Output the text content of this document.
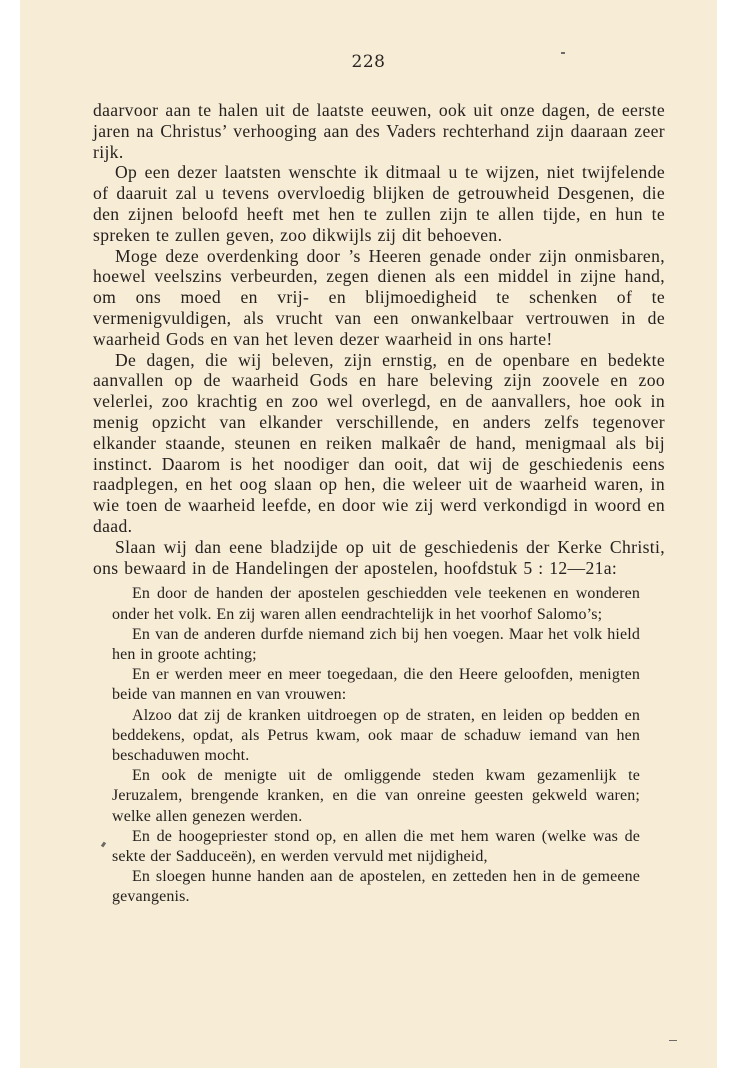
228

daarvoor aan te halen uit de laatste eeuwen, ook uit onze dagen, de eerste jaren na Christus’ verhooging aan des Vaders rechterhand zijn daaraan zeer rijk.

Op een dezer laatsten wenschte ik ditmaal u te wijzen, niet twijfelende of daaruit zal u tevens overvloedig blijken de getrouwheid Desgenen, die den zijnen beloofd heeft met hen te zullen zijn te allen tijde, en hun te spreken te zullen geven, zoo dikwijls zij dit behoeven.

Moge deze overdenking door ’s Heeren genade onder zijn onmisbaren, hoewel veelszins verbeurden, zegen dienen als een middel in zijne hand, om ons moed en vrij- en blijmoedigheid te schenken of te vermenigvuldigen, als vrucht van een onwankelbaar vertrouwen in de waarheid Gods en van het leven dezer waarheid in ons harte!

De dagen, die wij beleven, zijn ernstig, en de openbare en bedekte aanvallen op de waarheid Gods en hare beleving zijn zoovele en zoo velerlei, zoo krachtig en zoo wel overlegd, en de aanvallers, hoe ook in menig opzicht van elkander verschillende, en anders zelfs tegenover elkander staande, steunen en reiken malkaêr de hand, menigmaal als bij instinct. Daarom is het noodiger dan ooit, dat wij de geschiedenis eens raadplegen, en het oog slaan op hen, die weleer uit de waarheid waren, in wie toen de waarheid leefde, en door wie zij werd verkondigd in woord en daad.

Slaan wij dan eene bladzijde op uit de geschiedenis der Kerke Christi, ons bewaard in de Handelingen der apostelen, hoofdstuk 5 : 12—21a:

En door de handen der apostelen geschiedden vele teekenen en wonderen onder het volk. En zij waren allen eendrachtelijk in het voorhof Salomo’s;

En van de anderen durfde niemand zich bij hen voegen. Maar het volk hield hen in groote achting;

En er werden meer en meer toegedaan, die den Heere geloofden, menigten beide van mannen en van vrouwen:

Alzoo dat zij de kranken uitdroegen op de straten, en leiden op bedden en beddekens, opdat, als Petrus kwam, ook maar de schaduw iemand van hen beschaduwen mocht.

En ook de menigte uit de omliggende steden kwam gezamenlijk te Jeruzalem, brengende kranken, en die van onreine geesten gekweld waren; welke allen genezen werden.

En de hoogepriester stond op, en allen die met hem waren (welke was de sekte der Sadduceën), en werden vervuld met nijdigheid,

En sloegen hunne handen aan de apostelen, en zetteden hen in de gemeene gevangenis.
